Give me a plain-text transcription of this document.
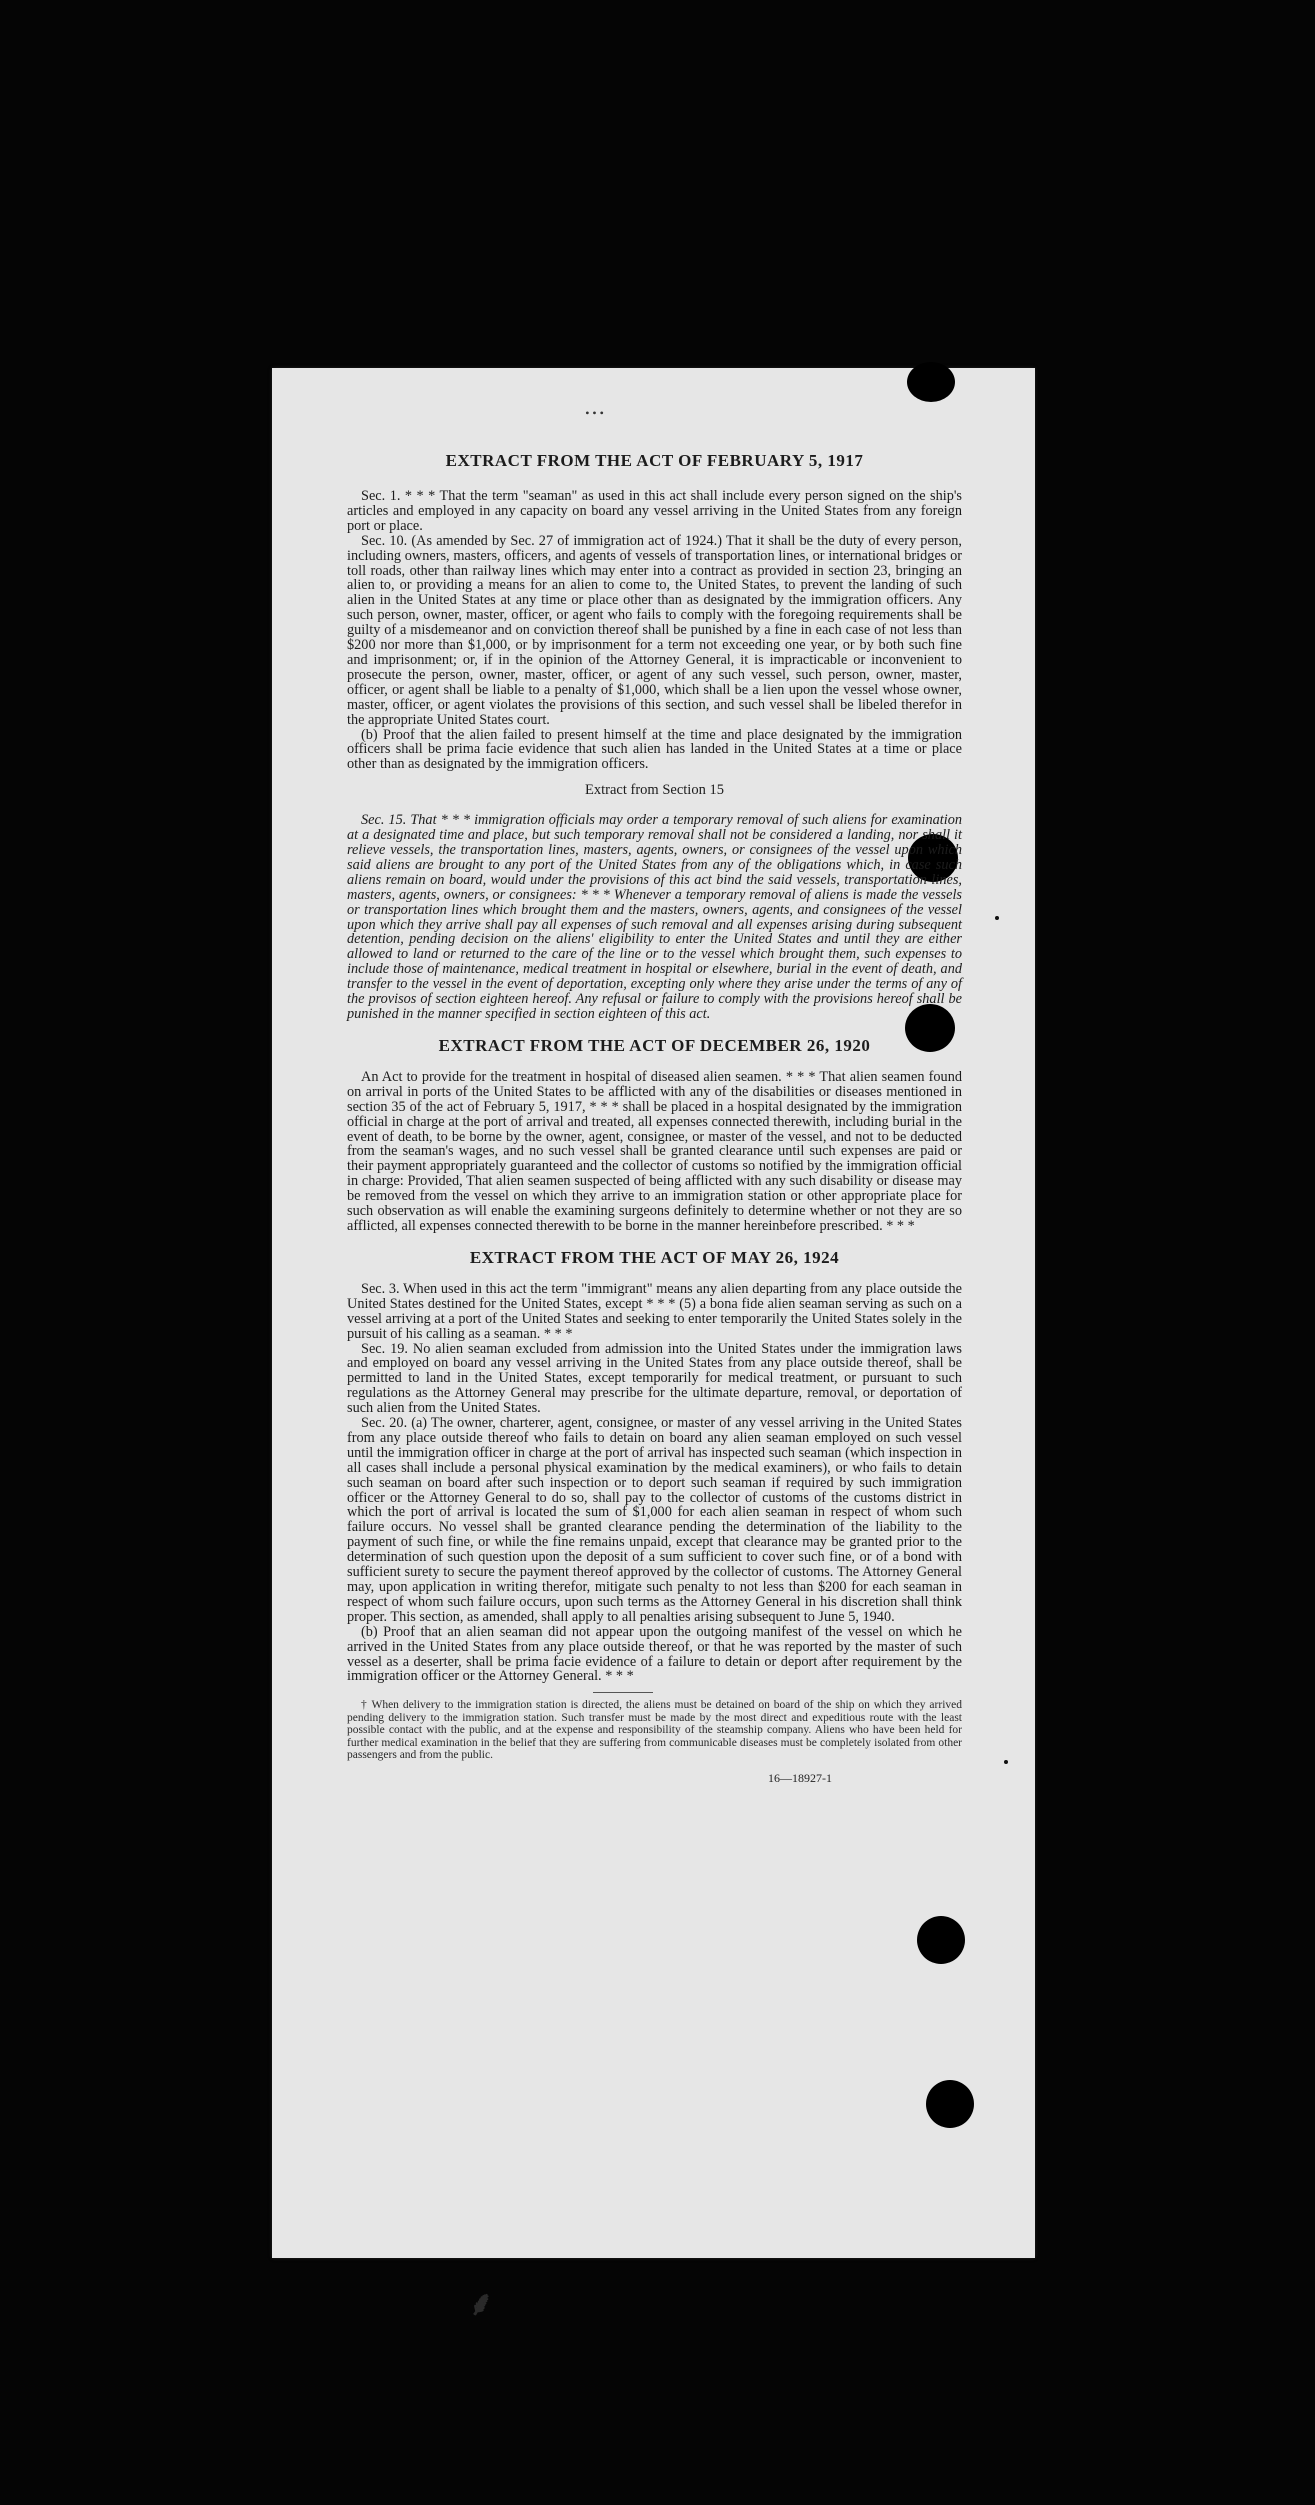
• • •
EXTRACT FROM THE ACT OF FEBRUARY 5, 1917

Sec. 1. * * * That the term "seaman" as used in this act shall include every person signed on the ship's articles and employed in any capacity on board any vessel arriving in the United States from any foreign port or place.

Sec. 10. (As amended by Sec. 27 of immigration act of 1924.) That it shall be the duty of every person, including owners, masters, officers, and agents of vessels of transportation lines, or international bridges or toll roads, other than railway lines which may enter into a contract as provided in section 23, bringing an alien to, or providing a means for an alien to come to, the United States, to prevent the landing of such alien in the United States at any time or place other than as designated by the immigration officers. Any such person, owner, master, officer, or agent who fails to comply with the foregoing requirements shall be guilty of a misdemeanor and on conviction thereof shall be punished by a fine in each case of not less than $200 nor more than $1,000, or by imprisonment for a term not exceeding one year, or by both such fine and imprisonment; or, if in the opinion of the Attorney General, it is impracticable or inconvenient to prosecute the person, owner, master, officer, or agent of any such vessel, such person, owner, master, officer, or agent shall be liable to a penalty of $1,000, which shall be a lien upon the vessel whose owner, master, officer, or agent violates the provisions of this section, and such vessel shall be libeled therefor in the appropriate United States court.

(b) Proof that the alien failed to present himself at the time and place designated by the immigration officers shall be prima facie evidence that such alien has landed in the United States at a time or place other than as designated by the immigration officers.

Extract from Section 15

Sec. 15. That * * * immigration officials may order a temporary removal of such aliens for examination at a designated time and place, but such temporary removal shall not be considered a landing, nor shall it relieve vessels, the transportation lines, masters, agents, owners, or consignees of the vessel upon which said aliens are brought to any port of the United States from any of the obligations which, in case such aliens remain on board, would under the provisions of this act bind the said vessels, transportation lines, masters, agents, owners, or consignees: * * * Whenever a temporary removal of aliens is made the vessels or transportation lines which brought them and the masters, owners, agents, and consignees of the vessel upon which they arrive shall pay all expenses of such removal and all expenses arising during subsequent detention, pending decision on the aliens' eligibility to enter the United States and until they are either allowed to land or returned to the care of the line or to the vessel which brought them, such expenses to include those of maintenance, medical treatment in hospital or elsewhere, burial in the event of death, and transfer to the vessel in the event of deportation, excepting only where they arise under the terms of any of the provisos of section eighteen hereof. Any refusal or failure to comply with the provisions hereof shall be punished in the manner specified in section eighteen of this act.

EXTRACT FROM THE ACT OF DECEMBER 26, 1920

An Act to provide for the treatment in hospital of diseased alien seamen. * * * That alien seamen found on arrival in ports of the United States to be afflicted with any of the disabilities or diseases mentioned in section 35 of the act of February 5, 1917, * * * shall be placed in a hospital designated by the immigration official in charge at the port of arrival and treated, all expenses connected therewith, including burial in the event of death, to be borne by the owner, agent, consignee, or master of the vessel, and not to be deducted from the seaman's wages, and no such vessel shall be granted clearance until such expenses are paid or their payment appropriately guaranteed and the collector of customs so notified by the immigration official in charge: Provided, That alien seamen suspected of being afflicted with any such disability or disease may be removed from the vessel on which they arrive to an immigration station or other appropriate place for such observation as will enable the examining surgeons definitely to determine whether or not they are so afflicted, all expenses connected therewith to be borne in the manner hereinbefore prescribed. * * *

EXTRACT FROM THE ACT OF MAY 26, 1924

Sec. 3. When used in this act the term "immigrant" means any alien departing from any place outside the United States destined for the United States, except * * * (5) a bona fide alien seaman serving as such on a vessel arriving at a port of the United States and seeking to enter temporarily the United States solely in the pursuit of his calling as a seaman. * * *

Sec. 19. No alien seaman excluded from admission into the United States under the immigration laws and employed on board any vessel arriving in the United States from any place outside thereof, shall be permitted to land in the United States, except temporarily for medical treatment, or pursuant to such regulations as the Attorney General may prescribe for the ultimate departure, removal, or deportation of such alien from the United States.

Sec. 20. (a) The owner, charterer, agent, consignee, or master of any vessel arriving in the United States from any place outside thereof who fails to detain on board any alien seaman employed on such vessel until the immigration officer in charge at the port of arrival has inspected such seaman (which inspection in all cases shall include a personal physical examination by the medical examiners), or who fails to detain such seaman on board after such inspection or to deport such seaman if required by such immigration officer or the Attorney General to do so, shall pay to the collector of customs of the customs district in which the port of arrival is located the sum of $1,000 for each alien seaman in respect of whom such failure occurs. No vessel shall be granted clearance pending the determination of the liability to the payment of such fine, or while the fine remains unpaid, except that clearance may be granted prior to the determination of such question upon the deposit of a sum sufficient to cover such fine, or of a bond with sufficient surety to secure the payment thereof approved by the collector of customs. The Attorney General may, upon application in writing therefor, mitigate such penalty to not less than $200 for each seaman in respect of whom such failure occurs, upon such terms as the Attorney General in his discretion shall think proper. This section, as amended, shall apply to all penalties arising subsequent to June 5, 1940.

(b) Proof that an alien seaman did not appear upon the outgoing manifest of the vessel on which he arrived in the United States from any place outside thereof, or that he was reported by the master of such vessel as a deserter, shall be prima facie evidence of a failure to detain or deport after requirement by the immigration officer or the Attorney General. * * *

† When delivery to the immigration station is directed, the aliens must be detained on board of the ship on which they arrived pending delivery to the immigration station. Such transfer must be made by the most direct and expeditious route with the least possible contact with the public, and at the expense and responsibility of the steamship company. Aliens who have been held for further medical examination in the belief that they are suffering from communicable diseases must be completely isolated from other passengers and from the public.

16—18927-1
⸙
